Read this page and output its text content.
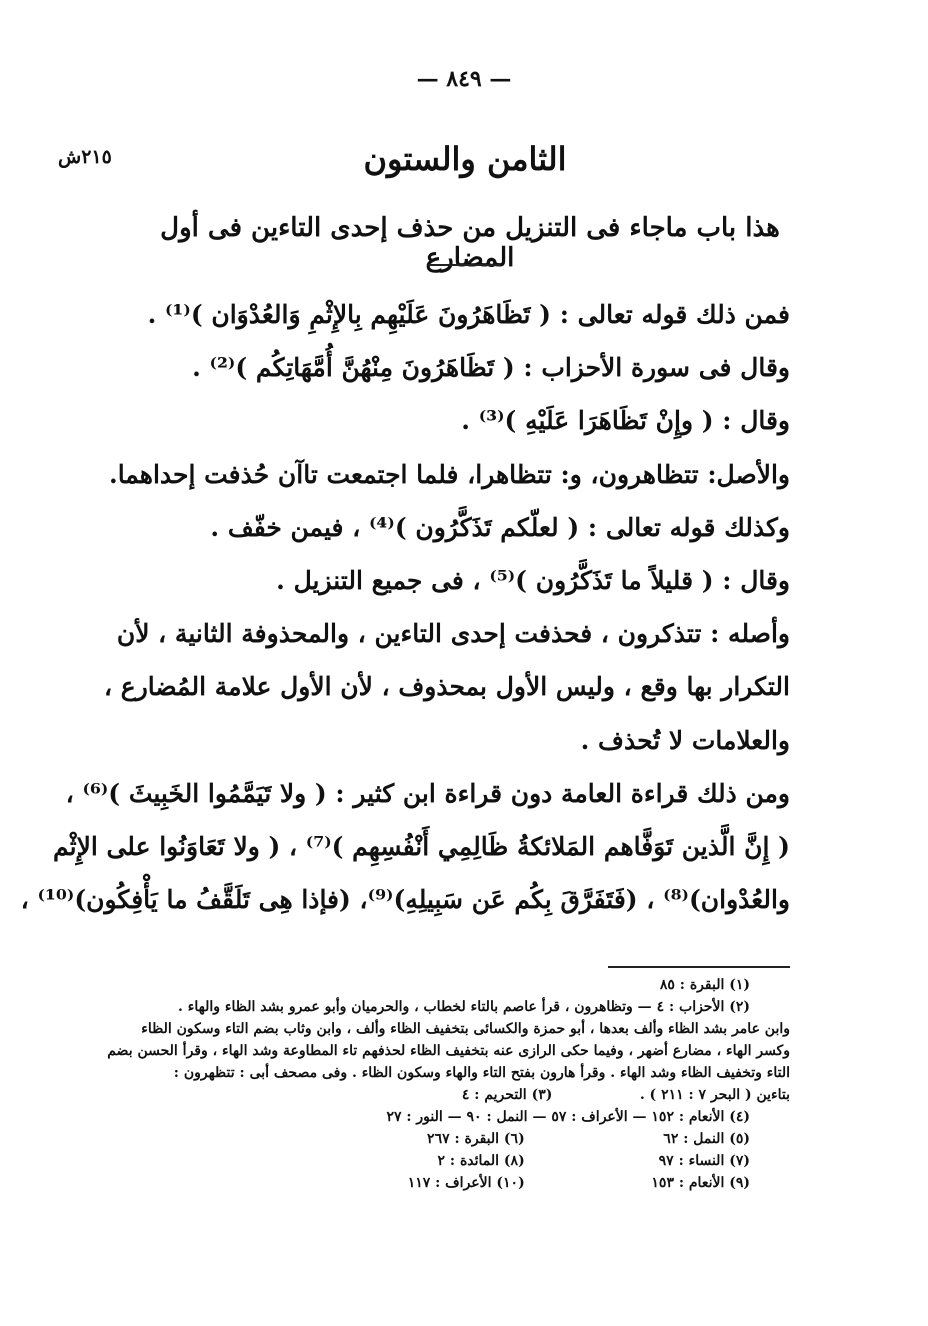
— ٨٤٩ —
٢١٥ش	الثامن والستون
هذا باب ماجاء فى التنزيل من حذف إحدى التاءين فى أول المضارع
فمن ذلك قوله تعالى : ( تَظَاهَرُونَ عَلَيْهِم بِالإِثْمِ وَالعُدْوَان )⁽¹⁾ .
وقال فى سورة الأحزاب : ( تَظَاهَرُونَ مِنْهُنَّ أُمَّهَاتِكُم )⁽²⁾ .
وقال : ( وإِنْ تَظَاهَرَا عَلَيْهِ )⁽³⁾ .
والأصل: تتظاهرون، و: تتظاهرا، فلما اجتمعت تاآن حُذفت إحداهما.
وكذلك قوله تعالى : ( لعلّكم تَذَكَّرُون )⁽⁴⁾ ، فيمن خفّف .
وقال : ( قليلاً ما تَذَكَّرُون )⁽⁵⁾ ، فى جميع التنزيل .
وأصله : تتذكرون ، فحذفت إحدى التاءين ، والمحذوفة الثانية ، لأن
التكرار بها وقع ، وليس الأول بمحذوف ، لأن الأول علامة المُضارع ،
والعلامات لا تُحذف .
ومن ذلك قراءة العامة دون قراءة ابن كثير : ( ولا تَيَمَّمُوا الخَبِيثَ )⁽⁶⁾ ،
( إِنَّ الَّذين تَوَفَّاهم المَلائكةُ ظَالِمِي أَنْفُسِهِم )⁽⁷⁾ ، ( ولا تَعَاوَنُوا على الإِثْم
والعُدْوان)⁽⁸⁾ ، (فَتَفَرَّقَ بِكُم عَن سَبِيلِهِ)⁽⁹⁾، (فإذا هِى تَلَقَّفُ ما يَأْفِكُون)⁽¹⁰⁾ ،
(١) البقرة : ٨٥
(٢) الأحزاب : ٤ — وتظاهرون ، قرأ عاصم بالتاء لخطاب ، والحرميان وأبو عمرو بشد الظاء والهاء .
وابن عامر بشد الظاء وألف بعدها ، أبو حمزة والكسائى بتخفيف الظاء وألف ، وابن وثاب بضم التاء وسكون الظاء
وكسر الهاء ، مضارع أضهر ، وفيما حكى الرازى عنه بتخفيف الظاء لحذفهم تاء المطاوعة وشد الهاء ، وقرأ الحسن بضم
التاء وتخفيف الظاء وشد الهاء . وقرأ هارون بفتح التاء والهاء وسكون الظاء . وفى مصحف أبى : تتظهرون :
بتاءين ( البحر ٧ : ٢١١ ) .
(٣) التحريم : ٤
(٤) الأنعام : ١٥٢ — الأعراف : ٥٧ — النمل : ٩٠ — النور : ٢٧
(٥) النمل : ٦٢
(٦) البقرة : ٢٦٧
(٧) النساء : ٩٧
(٨) المائدة : ٢
(٩) الأنعام : ١٥٣
(١٠) الأعراف : ١١٧
